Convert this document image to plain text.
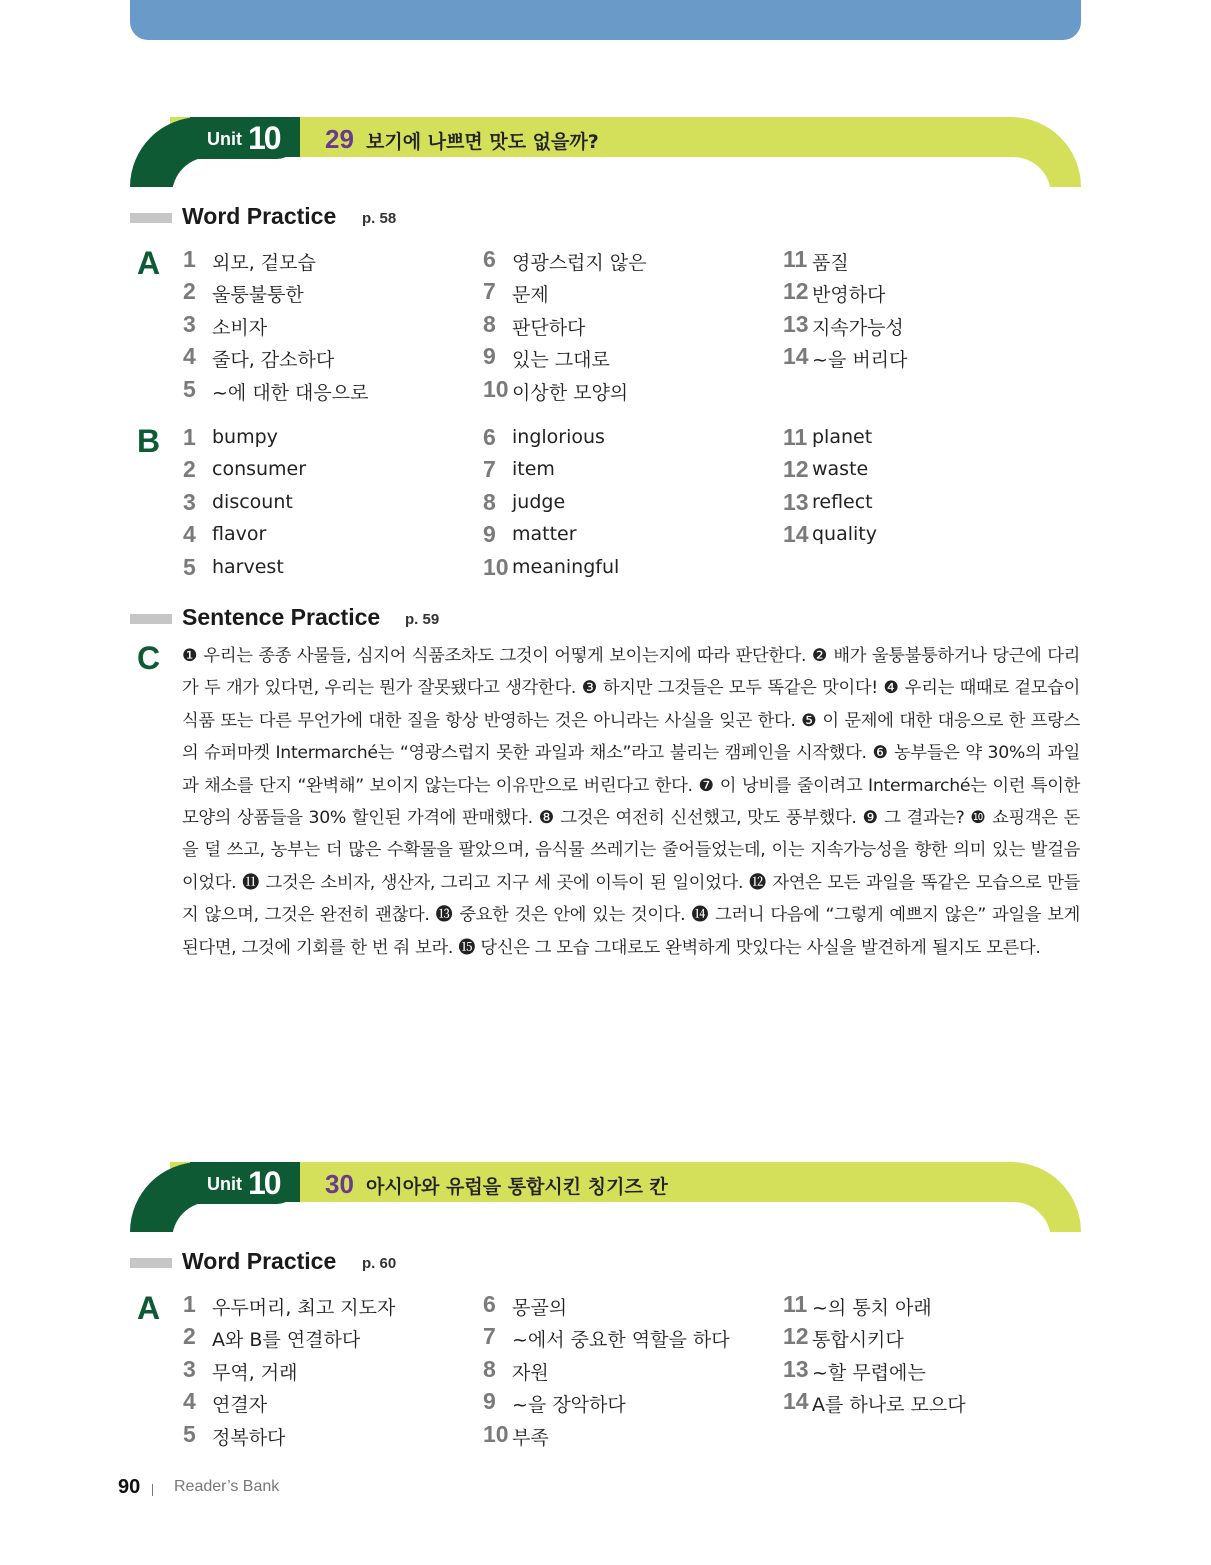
Unit 10 29 보기에 나쁘면 맛도 없을까?
Word Practice p. 58
A 1 외모, 겉모습
2 울퉁불퉁한
3 소비자
4 줄다, 감소하다
5 ~에 대한 대응으로
6 영광스럽지 않은
7 문제
8 판단하다
9 있는 그대로
10 이상한 모양의
11 품질
12 반영하다
13 지속가능성
14 ~을 버리다
B 1 bumpy
2 consumer
3 discount
4 flavor
5 harvest
6 inglorious
7 item
8 judge
9 matter
10 meaningful
11 planet
12 waste
13 reflect
14 quality
Sentence Practice p. 59
C ❶ 우리는 종종 사물들, 심지어 식품조차도 그것이 어떻게 보이는지에 따라 판단한다. ❷ 배가 울퉁불퉁하거나 당근에 다리가 두 개가 있다면, 우리는 뭔가 잘못됐다고 생각한다. ❸ 하지만 그것들은 모두 똑같은 맛이다! ❹ 우리는 때때로 겉모습이 식품 또는 다른 무언가에 대한 질을 항상 반영하는 것은 아니라는 사실을 잊곤 한다. ❺ 이 문제에 대한 대응으로 한 프랑스의 슈퍼마켓 Intermarché는 “영광스럽지 못한 과일과 채소”라고 불리는 캠페인을 시작했다. ❻ 농부들은 약 30%의 과일과 채소를 단지 “완벽해” 보이지 않는다는 이유만으로 버린다고 한다. ❼ 이 낭비를 줄이려고 Intermarché는 이런 특이한 모양의 상품들을 30% 할인된 가격에 판매했다. ❽ 그것은 여전히 신선했고, 맛도 풍부했다. ❾ 그 결과는? ❿ 쇼핑객은 돈을 덜 쓰고, 농부는 더 많은 수확물을 팔았으며, 음식물 쓰레기는 줄어들었는데, 이는 지속가능성을 향한 의미 있는 발걸음이었다. ⓫ 그것은 소비자, 생산자, 그리고 지구 세 곳에 이득이 된 일이었다. ⓬ 자연은 모든 과일을 똑같은 모습으로 만들지 않으며, 그것은 완전히 괜찮다. ⓭ 중요한 것은 안에 있는 것이다. ⓮ 그러니 다음에 “그렇게 예쁘지 않은” 과일을 보게 된다면, 그것에 기회를 한 번 줘 보라. ⓯ 당신은 그 모습 그대로도 완벽하게 맛있다는 사실을 발견하게 될지도 모른다.
Unit 10 30 아시아와 유럽을 통합시킨 칭기즈 칸
Word Practice p. 60
A 1 우두머리, 최고 지도자
2 A와 B를 연결하다
3 무역, 거래
4 연결자
5 정복하다
6 몽골의
7 ~에서 중요한 역할을 하다
8 자원
9 ~을 장악하다
10 부족
11 ~의 통치 아래
12 통합시키다
13 ~할 무렵에는
14 A를 하나로 모으다
90 Reader’s Bank
